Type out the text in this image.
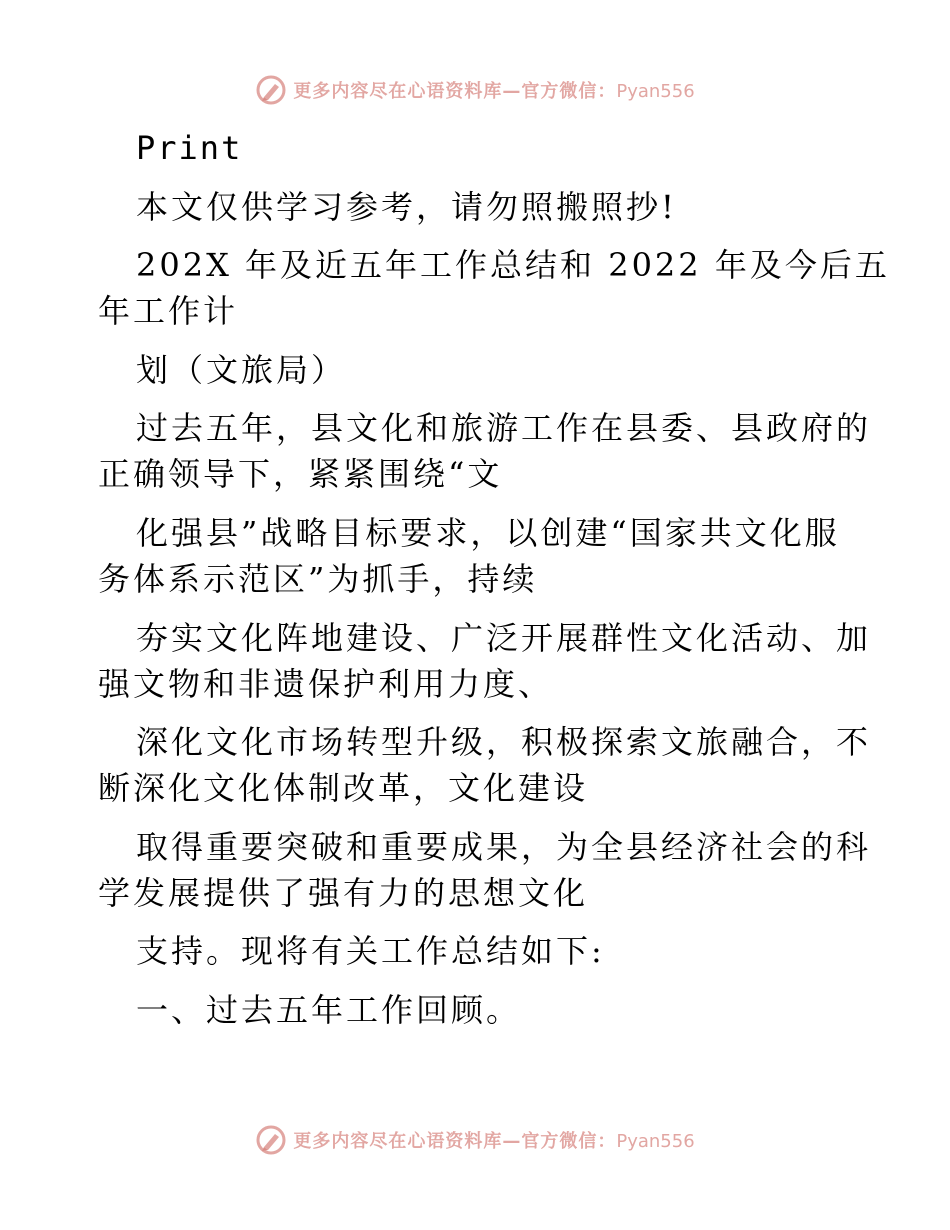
更多内容尽在心语资料库—官方微信：Pyan556
Print
本文仅供学习参考，请勿照搬照抄!
202X 年及近五年工作总结和 2022 年及今后五
年工作计
划（文旅局）
过去五年，县文化和旅游工作在县委、县政府的
正确领导下，紧紧围绕“文
化强县”战略目标要求，以创建“国家共文化服
务体系示范区”为抓手，持续
夯实文化阵地建设、广泛开展群性文化活动、加
强文物和非遗保护利用力度、
深化文化市场转型升级，积极探索文旅融合，不
断深化文化体制改革，文化建设
取得重要突破和重要成果，为全县经济社会的科
学发展提供了强有力的思想文化
支持。现将有关工作总结如下:
一、过去五年工作回顾。
更多内容尽在心语资料库—官方微信：Pyan556
